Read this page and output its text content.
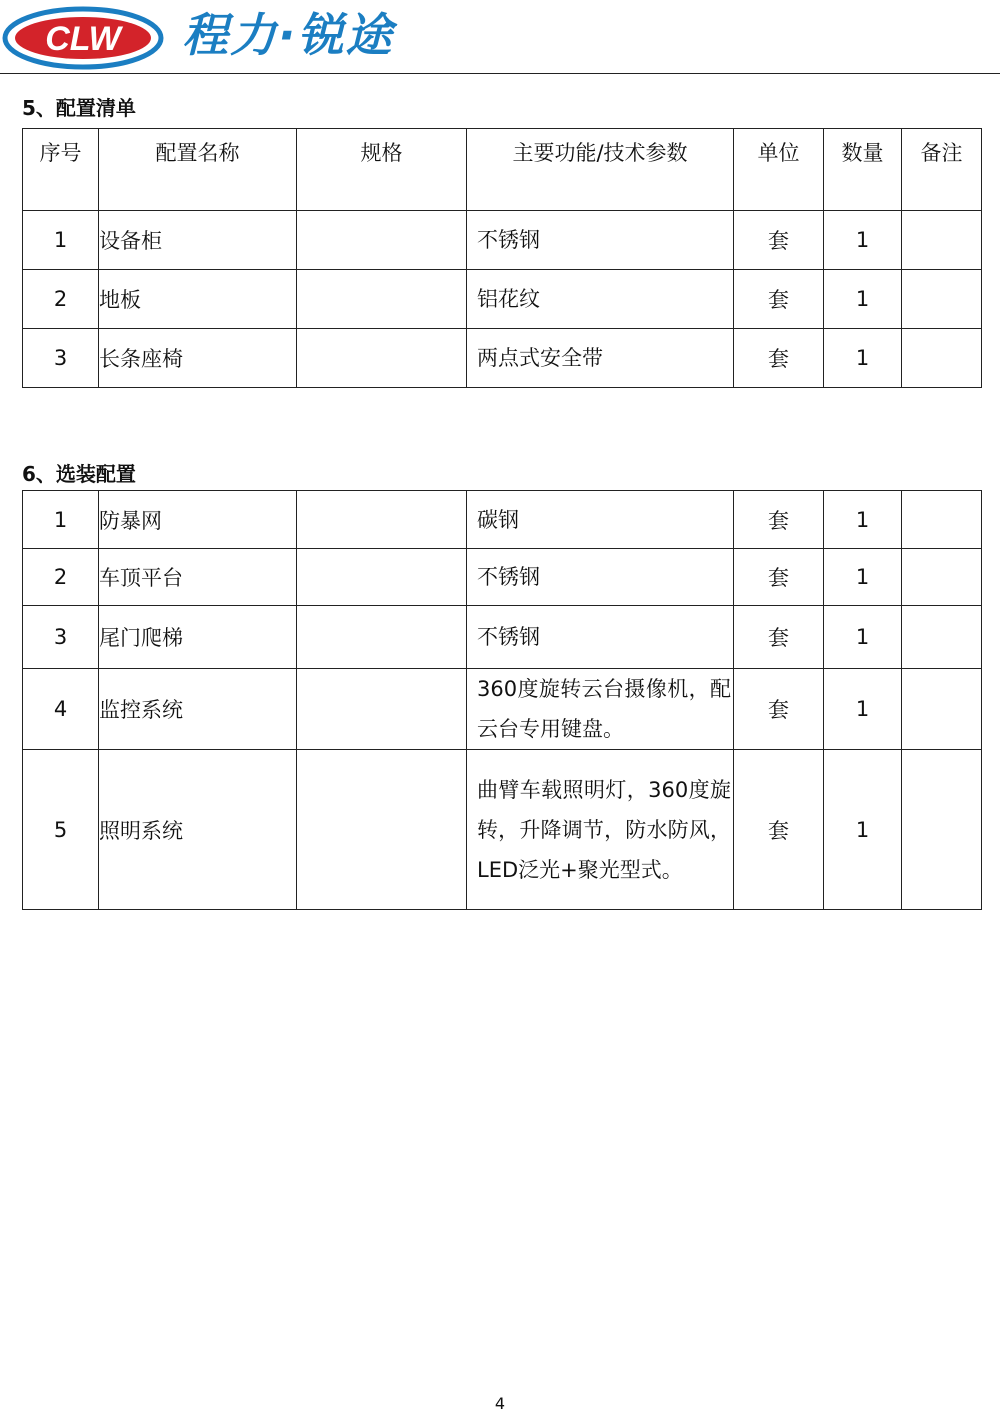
CLW 程力·锐途
5、配置清单
序号	配置名称	规格	主要功能/技术参数	单位	数量	备注
1	设备柜		不锈钢	套	1	
2	地板		铝花纹	套	1	
3	长条座椅		两点式安全带	套	1	
6、选装配置
1	防暴网		碳钢	套	1	
2	车顶平台		不锈钢	套	1	
3	尾门爬梯		不锈钢	套	1	
4	监控系统		360度旋转云台摄像机，配云台专用键盘。	套	1	
5	照明系统		曲臂车载照明灯，360度旋转，升降调节，防水防风，LED泛光+聚光型式。	套	1	
4
